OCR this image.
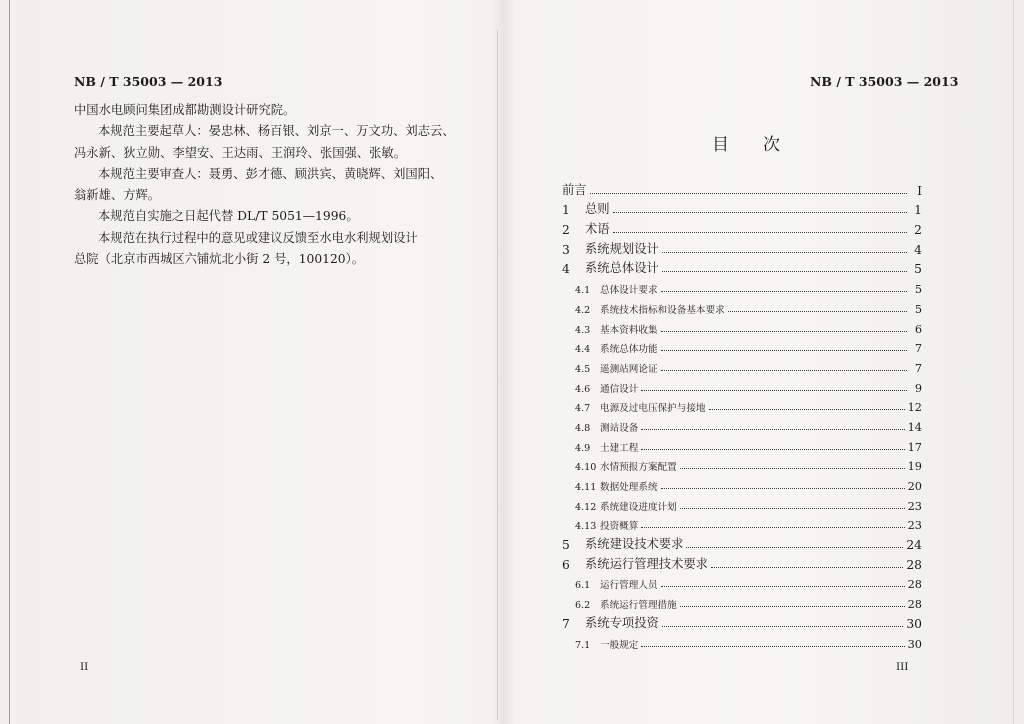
NB / T 35003 — 2013

中国水电顾问集团成都勘测设计研究院。

本规范主要起草人：晏忠林、杨百银、刘京一、万文功、刘志云、

冯永新、狄立勋、李望安、王达雨、王润玲、张国强、张敏。

本规范主要审查人：聂勇、彭才德、顾洪宾、黄晓辉、刘国阳、

翁新雄、方辉。

本规范自实施之日起代替 DL/T 5051—1996。

本规范在执行过程中的意见或建议反馈至水电水利规划设计

总院（北京市西城区六铺炕北小街 2 号，100120）。

II
NB / T 35003 — 2013
目次
前言	I
1	总则	1
2	术语	2
3	系统规划设计	4
4	系统总体设计	5
4.1	总体设计要求	5
4.2	系统技术指标和设备基本要求	5
4.3	基本资料收集	6
4.4	系统总体功能	7
4.5	遥测站网论证	7
4.6	通信设计	9
4.7	电源及过电压保护与接地	12
4.8	测站设备	14
4.9	土建工程	17
4.10 水情预报方案配置	19
4.11 数据处理系统	20
4.12 系统建设进度计划	23
4.13 投资概算	23
5	系统建设技术要求	24
6	系统运行管理技术要求	28
6.1	运行管理人员	28
6.2	系统运行管理措施	28
7	系统专项投资	30
7.1	一般规定	30
III
